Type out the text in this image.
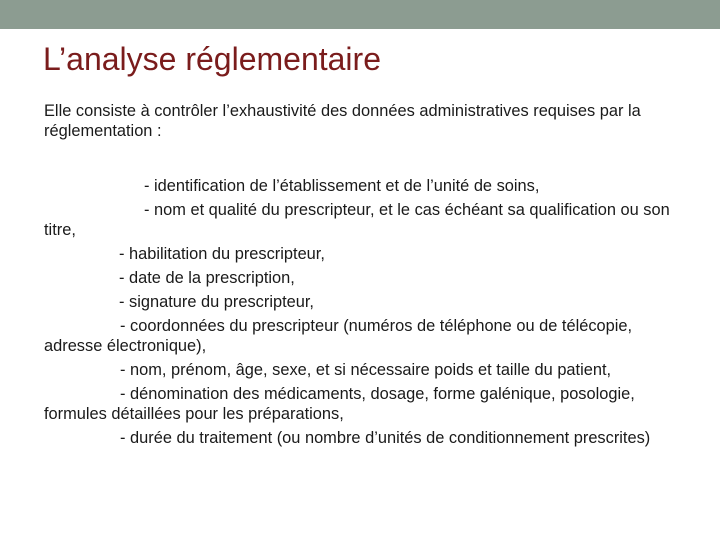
L’analyse réglementaire

Elle consiste à contrôler l’exhaustivité des données administratives requises par la réglementation :

- identification de l’établissement et de l’unité de soins,

- nom et qualité du prescripteur, et le cas échéant sa qualification ou son titre,

- habilitation du prescripteur,

- date de la prescription,

- signature du prescripteur,

- coordonnées du prescripteur (numéros de téléphone ou de télécopie, adresse électronique),

- nom, prénom, âge, sexe, et si nécessaire poids et taille du patient,

- dénomination des médicaments, dosage, forme galénique, posologie, formules détaillées pour les préparations,

- durée du traitement (ou nombre d’unités de conditionnement prescrites)
